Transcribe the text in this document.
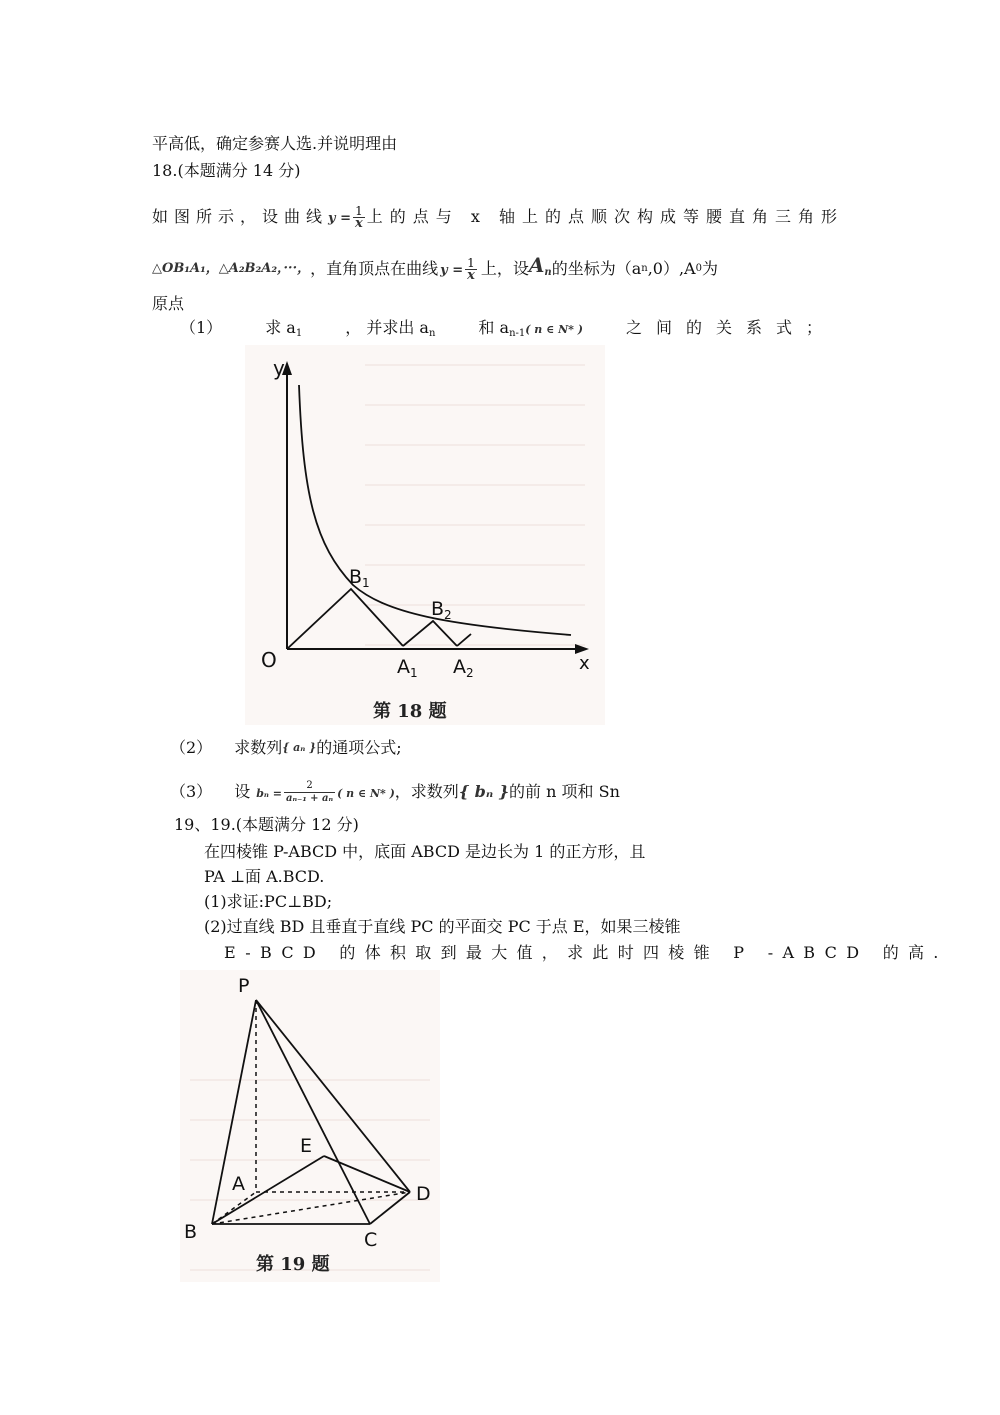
平高低，确定参赛人选.并说明理由
18.(本题满分 14 分)
如图所示，设曲线 $y = \frac{1}{x}$ 上的点与 x 轴上的点顺次构成等腰直角三角形
△OB₁A₁，△A₂B₂A₂，···， ，直角顶点在曲线 $y = \frac{1}{x}$ 上，设 $A_n$ 的坐标为（a n ,0）,A 0 为
原点
（1）	求 $a_1$	， 并求出 $a_n$	和 $a_{n-1}$( n ∈ N* )	之间的关系式；
y
x
O
$B_1$
$B_2$
$A_1$ $A_2$
第 18 题
（2） 求数列 { aₙ } 的通项公式;
（3） 设 $b_n = \frac{2}{\text{aₙ₋₁ + aₙ}}$ ( n ∈ N* ) ，求数列 { bₙ } 的前 n 项和 Sn
19、19.(本题满分 12 分)
在四棱锥 P-ABCD 中，底面 ABCD 是边长为 1 的正方形，且
PA ⊥面 A.BCD.
(1)求证:PC⊥BD;
(2)过直线 BD 且垂直于直线 PC 的平面交 PC 于点 E，如果三棱锥
E-BCD 的体积取到最大值，求此时四棱锥 P -ABCD 的高.
P
E
A
B	C
D
第 19 题
